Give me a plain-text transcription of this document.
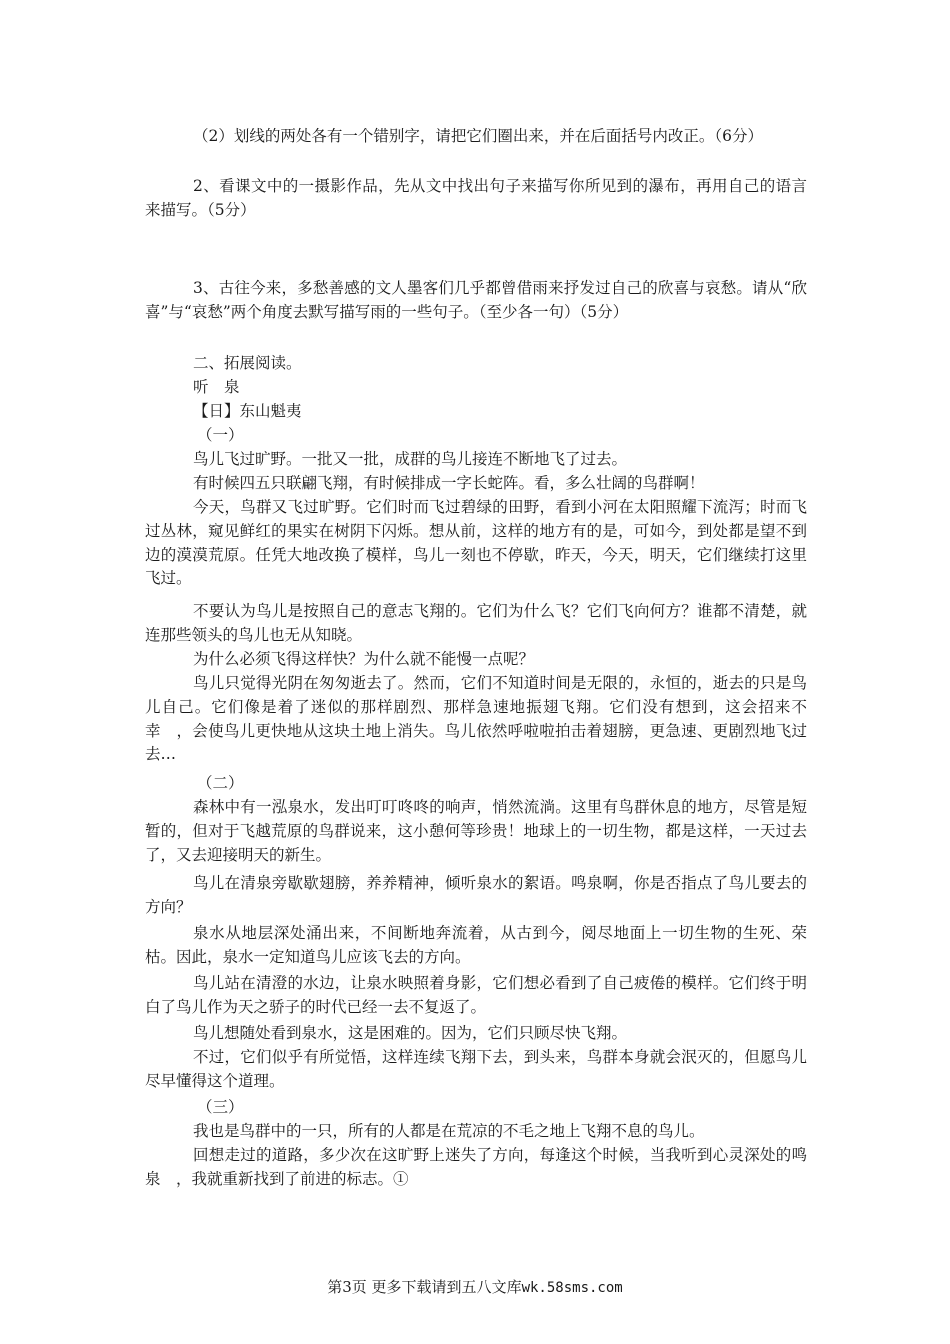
（2）划线的两处各有一个错别字，请把它们圈出来，并在后面括号内改正。（6分）

2、看课文中的一摄影作品，先从文中找出句子来描写你所见到的瀑布，再用自己的语言来描写。（5分）

3、古往今来，多愁善感的文人墨客们几乎都曾借雨来抒发过自己的欣喜与哀愁。请从“欣喜”与“哀愁”两个角度去默写描写雨的一些句子。（至少各一句）（5分）

二、拓展阅读。

听　泉

【日】东山魁夷

（一）

鸟儿飞过旷野。一批又一批，成群的鸟儿接连不断地飞了过去。

有时候四五只联翩飞翔，有时候排成一字长蛇阵。看，多么壮阔的鸟群啊！

今天，鸟群又飞过旷野。它们时而飞过碧绿的田野，看到小河在太阳照耀下流泻；时而飞过丛林，窥见鲜红的果实在树阴下闪烁。想从前，这样的地方有的是，可如今，到处都是望不到边的漠漠荒原。任凭大地改换了模样，鸟儿一刻也不停歇，昨天，今天，明天，它们继续打这里飞过。

不要认为鸟儿是按照自己的意志飞翔的。它们为什么飞？它们飞向何方？谁都不清楚，就连那些领头的鸟儿也无从知晓。

为什么必须飞得这样快？为什么就不能慢一点呢？

鸟儿只觉得光阴在匆匆逝去了。然而，它们不知道时间是无限的，永恒的，逝去的只是鸟儿自己。它们像是着了迷似的那样剧烈、那样急速地振翅飞翔。它们没有想到，这会招来不幸　，会使鸟儿更快地从这块土地上消失。鸟儿依然呼啦啦拍击着翅膀，更急速、更剧烈地飞过去…

（二）

森林中有一泓泉水，发出叮叮咚咚的响声，悄然流淌。这里有鸟群休息的地方，尽管是短暂的，但对于飞越荒原的鸟群说来，这小憩何等珍贵！地球上的一切生物，都是这样，一天过去了，又去迎接明天的新生。

鸟儿在清泉旁歇歇翅膀，养养精神，倾听泉水的絮语。鸣泉啊，你是否指点了鸟儿要去的方向？

泉水从地层深处涌出来，不间断地奔流着，从古到今，阅尽地面上一切生物的生死、荣枯。因此，泉水一定知道鸟儿应该飞去的方向。

鸟儿站在清澄的水边，让泉水映照着身影，它们想必看到了自己疲倦的模样。它们终于明白了鸟儿作为天之骄子的时代已经一去不复返了。

鸟儿想随处看到泉水，这是困难的。因为，它们只顾尽快飞翔。

不过，它们似乎有所觉悟，这样连续飞翔下去，到头来，鸟群本身就会泯灭的，但愿鸟儿尽早懂得这个道理。

（三）

我也是鸟群中的一只，所有的人都是在荒凉的不毛之地上飞翔不息的鸟儿。

回想走过的道路，多少次在这旷野上迷失了方向，每逢这个时候，当我听到心灵深处的鸣泉　，我就重新找到了前进的标志。①

第3页 更多下载请到五八文库wk.58sms.com
